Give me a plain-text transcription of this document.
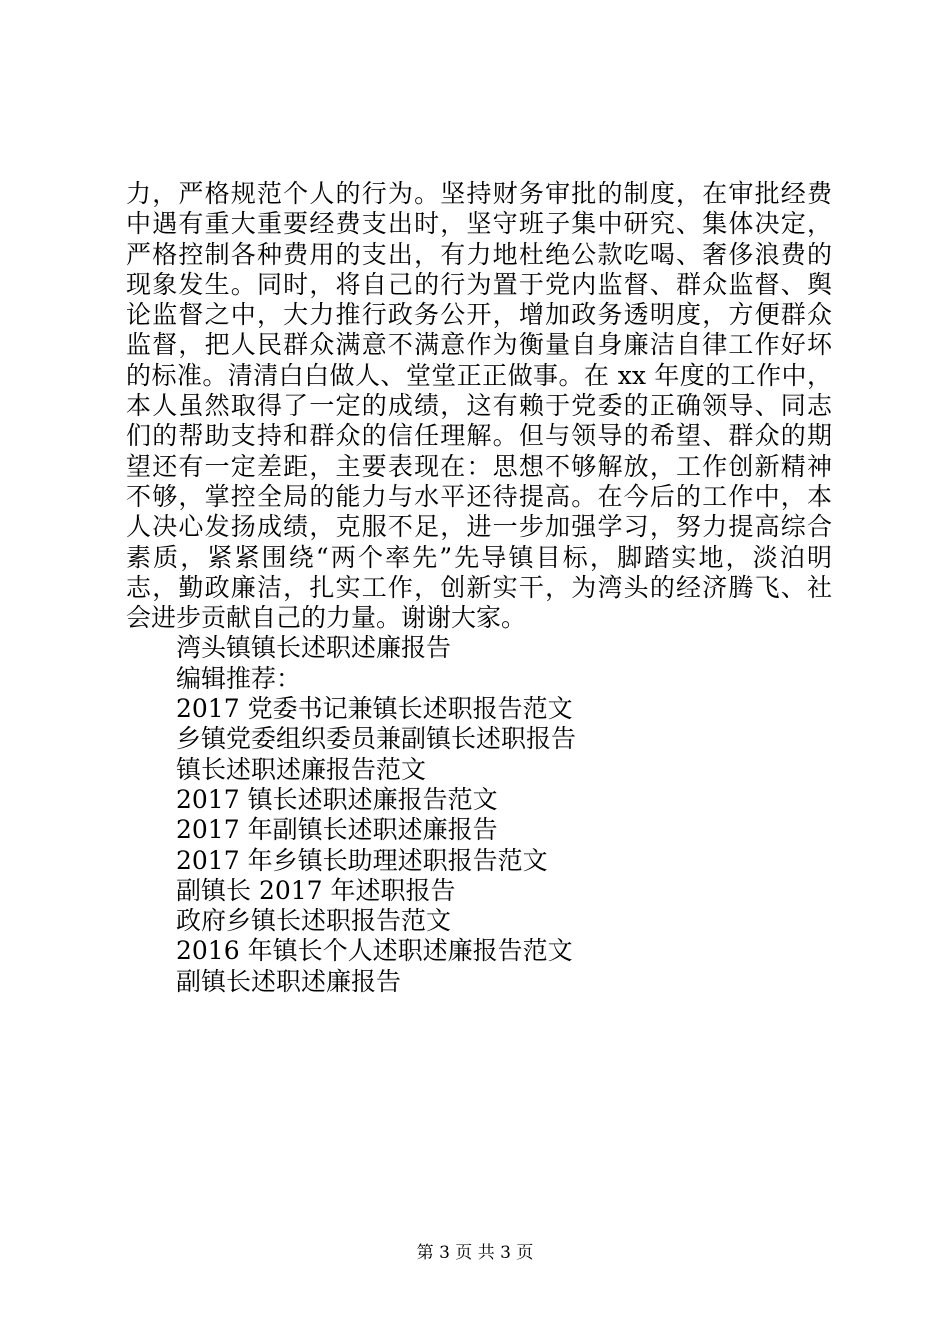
力，严格规范个人的行为。坚持财务审批的制度，在审批经费
中遇有重大重要经费支出时，坚守班子集中研究、集体决定，
严格控制各种费用的支出，有力地杜绝公款吃喝、奢侈浪费的
现象发生。同时，将自己的行为置于党内监督、群众监督、舆
论监督之中，大力推行政务公开，增加政务透明度，方便群众
监督，把人民群众满意不满意作为衡量自身廉洁自律工作好坏
的标准。清清白白做人、堂堂正正做事。在 xx 年度的工作中，
本人虽然取得了一定的成绩，这有赖于党委的正确领导、同志
们的帮助支持和群众的信任理解。但与领导的希望、群众的期
望还有一定差距，主要表现在：思想不够解放，工作创新精神
不够，掌控全局的能力与水平还待提高。在今后的工作中，本
人决心发扬成绩，克服不足，进一步加强学习，努力提高综合
素质，紧紧围绕“两个率先”先导镇目标，脚踏实地，淡泊明
志，勤政廉洁，扎实工作，创新实干，为湾头的经济腾飞、社
会进步贡献自己的力量。谢谢大家。
湾头镇镇长述职述廉报告
编辑推荐：
2017 党委书记兼镇长述职报告范文
乡镇党委组织委员兼副镇长述职报告
镇长述职述廉报告范文
2017 镇长述职述廉报告范文
2017 年副镇长述职述廉报告
2017 年乡镇长助理述职报告范文
副镇长 2017 年述职报告
政府乡镇长述职报告范文
2016 年镇长个人述职述廉报告范文
副镇长述职述廉报告
第 3 页 共 3 页
